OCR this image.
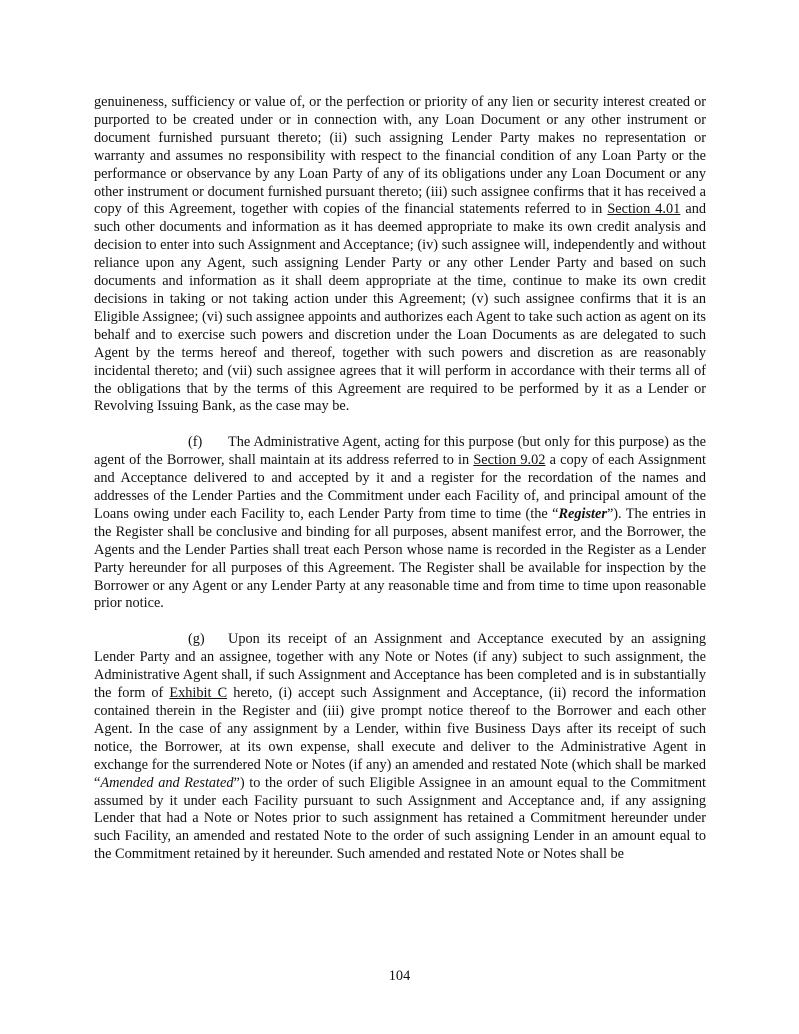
genuineness, sufficiency or value of, or the perfection or priority of any lien or security interest created or purported to be created under or in connection with, any Loan Document or any other instrument or document furnished pursuant thereto; (ii) such assigning Lender Party makes no representation or warranty and assumes no responsibility with respect to the financial condition of any Loan Party or the performance or observance by any Loan Party of any of its obligations under any Loan Document or any other instrument or document furnished pursuant thereto; (iii) such assignee confirms that it has received a copy of this Agreement, together with copies of the financial statements referred to in Section 4.01 and such other documents and information as it has deemed appropriate to make its own credit analysis and decision to enter into such Assignment and Acceptance; (iv) such assignee will, independently and without reliance upon any Agent, such assigning Lender Party or any other Lender Party and based on such documents and information as it shall deem appropriate at the time, continue to make its own credit decisions in taking or not taking action under this Agreement; (v) such assignee confirms that it is an Eligible Assignee; (vi) such assignee appoints and authorizes each Agent to take such action as agent on its behalf and to exercise such powers and discretion under the Loan Documents as are delegated to such Agent by the terms hereof and thereof, together with such powers and discretion as are reasonably incidental thereto; and (vii) such assignee agrees that it will perform in accordance with their terms all of the obligations that by the terms of this Agreement are required to be performed by it as a Lender or Revolving Issuing Bank, as the case may be.

(f) The Administrative Agent, acting for this purpose (but only for this purpose) as the agent of the Borrower, shall maintain at its address referred to in Section 9.02 a copy of each Assignment and Acceptance delivered to and accepted by it and a register for the recordation of the names and addresses of the Lender Parties and the Commitment under each Facility of, and principal amount of the Loans owing under each Facility to, each Lender Party from time to time (the “Register”). The entries in the Register shall be conclusive and binding for all purposes, absent manifest error, and the Borrower, the Agents and the Lender Parties shall treat each Person whose name is recorded in the Register as a Lender Party hereunder for all purposes of this Agreement. The Register shall be available for inspection by the Borrower or any Agent or any Lender Party at any reasonable time and from time to time upon reasonable prior notice.

(g) Upon its receipt of an Assignment and Acceptance executed by an assigning Lender Party and an assignee, together with any Note or Notes (if any) subject to such assignment, the Administrative Agent shall, if such Assignment and Acceptance has been completed and is in substantially the form of Exhibit C hereto, (i) accept such Assignment and Acceptance, (ii) record the information contained therein in the Register and (iii) give prompt notice thereof to the Borrower and each other Agent. In the case of any assignment by a Lender, within five Business Days after its receipt of such notice, the Borrower, at its own expense, shall execute and deliver to the Administrative Agent in exchange for the surrendered Note or Notes (if any) an amended and restated Note (which shall be marked “Amended and Restated”) to the order of such Eligible Assignee in an amount equal to the Commitment assumed by it under each Facility pursuant to such Assignment and Acceptance and, if any assigning Lender that had a Note or Notes prior to such assignment has retained a Commitment hereunder under such Facility, an amended and restated Note to the order of such assigning Lender in an amount equal to the Commitment retained by it hereunder. Such amended and restated Note or Notes shall be

104
